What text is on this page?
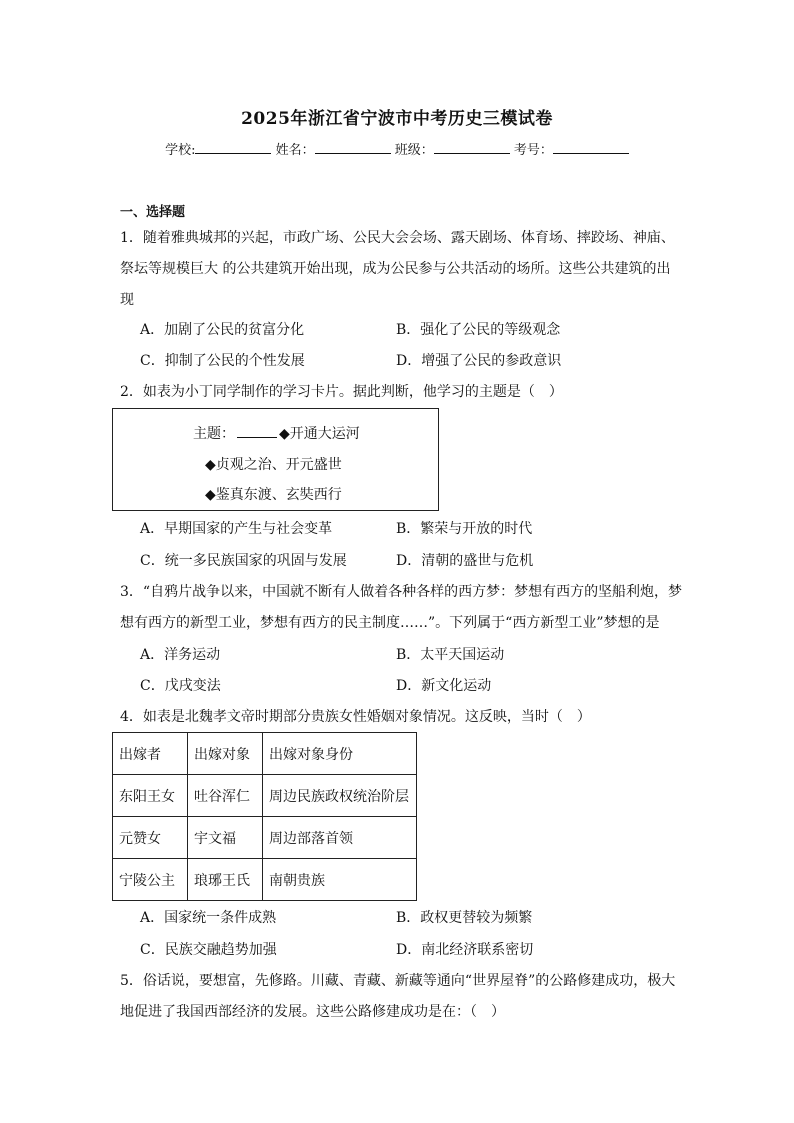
2025年浙江省宁波市中考历史三模试卷
学校:	姓名：	班级：	考号：
一、选择题
1．随着雅典城邦的兴起，市政广场、公民大会会场、露天剧场、体育场、摔跤场、神庙、
祭坛等规模巨大 的公共建筑开始出现，成为公民参与公共活动的场所。这些公共建筑的出
现
A．加剧了公民的贫富分化	B．强化了公民的等级观念
C．抑制了公民的个性发展	D．增强了公民的参政意识
2．如表为小丁同学制作的学习卡片。据此判断，他学习的主题是（　）
主题：	◆开通大运河
◆贞观之治、开元盛世
◆鉴真东渡、玄奘西行
A．早期国家的产生与社会变革	B．繁荣与开放的时代
C．统一多民族国家的巩固与发展	D．清朝的盛世与危机
3．“自鸦片战争以来，中国就不断有人做着各种各样的西方梦：梦想有西方的坚船利炮，梦
想有西方的新型工业，梦想有西方的民主制度……”。下列属于“西方新型工业”梦想的是
A．洋务运动	B．太平天国运动
C．戊戌变法	D．新文化运动
4．如表是北魏孝文帝时期部分贵族女性婚姻对象情况。这反映，当时（　）
出嫁者	出嫁对象	出嫁对象身份
东阳王女	吐谷浑仁	周边民族政权统治阶层
元赞女	宇文福	周边部落首领
宁陵公主	琅琊王氏	南朝贵族
A．国家统一条件成熟	B．政权更替较为频繁
C．民族交融趋势加强	D．南北经济联系密切
5．俗话说，要想富，先修路。川藏、青藏、新藏等通向“世界屋脊”的公路修建成功，极大
地促进了我国西部经济的发展。这些公路修建成功是在：（　）
